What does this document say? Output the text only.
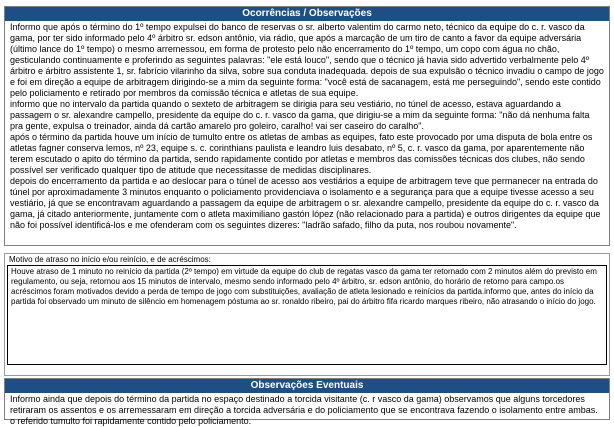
Ocorrências / Observações

Informo que após o término do 1º tempo expulsei do banco de reservas o sr. alberto valentim do carmo neto, técnico da equipe do c. r. vasco da gama, por ter sido informado pelo 4º árbitro sr. edson antônio, via rádio, que após a marcação de um tiro de canto a favor da equipe adversária (último lance do 1º tempo) o mesmo arremessou, em forma de protesto pelo não encerramento do 1º tempo, um copo com água no chão, gesticulando continuamente e proferindo as seguintes palavras: "ele está louco", sendo que o técnico já havia sido advertido verbalmente pelo 4º árbitro e árbitro assistente 1, sr. fabrício vilarinho da silva, sobre sua conduta inadequada. depois de sua expulsão o técnico invadiu o campo de jogo e foi em direção a equipe de arbitragem dirigindo-se a mim da seguinte forma: "você está de sacanagem, está me perseguindo", sendo este contido pelo policiamento e retirado por membros da comissão técnica e atletas de sua equipe.

informo que no intervalo da partida quando o sexteto de arbitragem se dirigia para seu vestiário, no túnel de acesso, estava aguardando a passagem o sr. alexandre campello, presidente da equipe do c. r. vasco da gama, que dirigiu-se a mim da seguinte forma: "não dá nenhuma falta pra gente, expulsa o treinador, ainda dá cartão amarelo pro goleiro, caralho! vai ser caseiro do caralho".

após o término da partida houve um início de tumulto entre os atletas de ambas as equipes, fato este provocado por uma disputa de bola entre os atletas fagner conserva lemos, nº 23, equipe s. c. corinthians paulista e leandro luis desabato, nº 5, c. r. vasco da gama, por aparentemente não terem escutado o apito do término da partida, sendo rapidamente contido por atletas e membros das comissões técnicas dos clubes, não sendo possível ser verificado qualquer tipo de atitude que necessitasse de medidas disciplinares.

depois do encerramento da partida e ao deslocar para o túnel de acesso aos vestiários a equipe de arbitragem teve que permanecer na entrada do túnel por aproximadamente 3 minutos enquanto o policiamento providenciava o isolamento e a segurança para que a equipe tivesse acesso a seu vestiário, já que se encontravam aguardando a passagem da equipe de arbitragem o sr. alexandre campello, presidente da equipe do c. r. vasco da gama, já citado anteriormente, juntamente com o atleta maximiliano gastón lópez (não relacionado para a partida) e outros dirigentes da equipe que não foi possível identificá-los e me ofenderam com os seguintes dizeres: "ladrão safado, filho da puta, nos roubou novamente".

Motivo de atraso no início e/ou reinício, e de acréscimos:

Houve atraso de 1 minuto no reinício da partida (2º tempo) em virtude da equipe do club de regatas vasco da gama ter retornado com 2 minutos além do previsto em regulamento, ou seja, retornou aos 15 minutos de intervalo, mesmo sendo informado pelo 4º árbitro, sr. edson antônio, do horário de retorno para campo.os acréscimos foram motivados devido a perda de tempo de jogo com substituições, avaliação de atleta lesionado e reinícios da partida.informo que, antes do início da partida foi observado um minuto de silêncio em homenagem póstuma ao sr. ronaldo ribeiro, pai do árbitro fifa ricardo marques ribeiro, não atrasando o início do jogo.

Observações Eventuais

Informo ainda que depois do término da partida no espaço destinado a torcida visitante (c. r vasco da gama) observamos que alguns torcedores retiraram os assentos e os arremessaram em direção a torcida adversária e do policiamento que se encontrava fazendo o isolamento entre ambas. o referido tumulto foi rapidamente contido pelo policiamento.
